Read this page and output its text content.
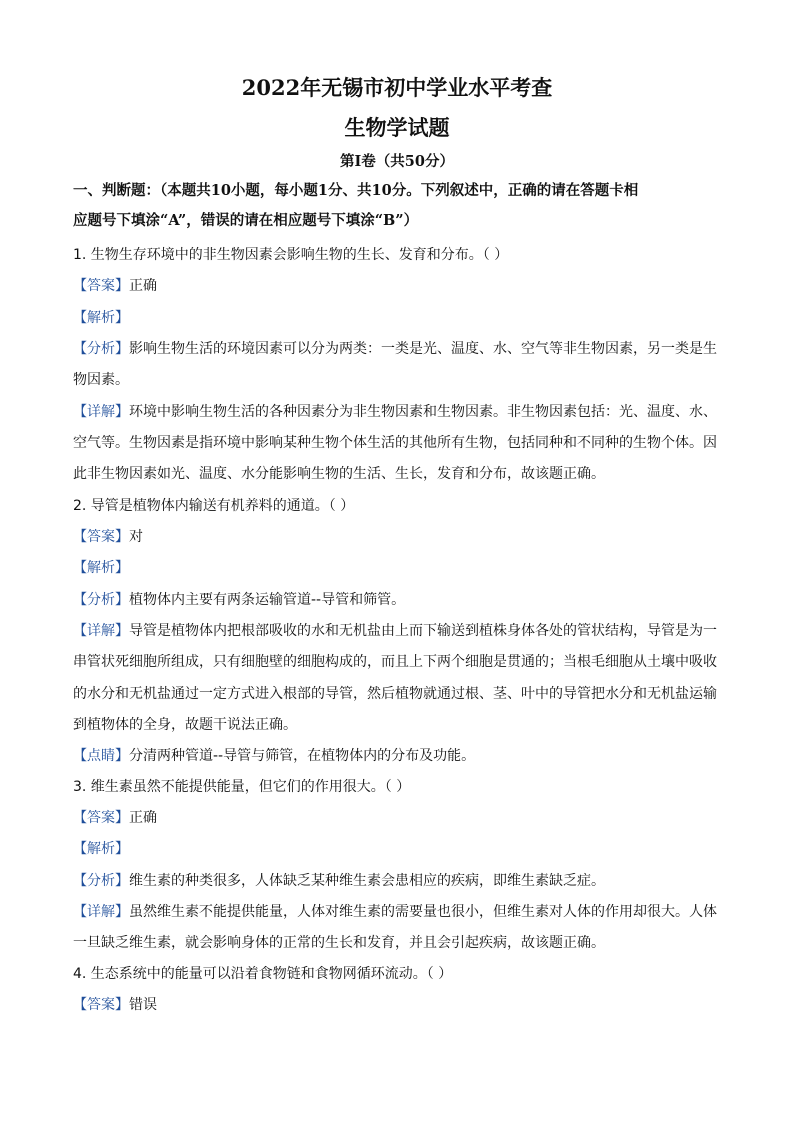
2022年无锡市初中学业水平考查
生物学试题
第Ⅰ卷（共50分）
一、判断题：（本题共10小题，每小题1分、共10分。下列叙述中，正确的请在答题卡相
应题号下填涂“A”，错误的请在相应题号下填涂“B”）
1. 生物生存环境中的非生物因素会影响生物的生长、发育和分布。（ ）
【答案】正确
【解析】
【分析】影响生物生活的环境因素可以分为两类：一类是光、温度、水、空气等非生物因素，另一类是生
物因素。
【详解】环境中影响生物生活的各种因素分为非生物因素和生物因素。非生物因素包括：光、温度、水、
空气等。生物因素是指环境中影响某种生物个体生活的其他所有生物，包括同种和不同种的生物个体。因
此非生物因素如光、温度、水分能影响生物的生活、生长，发育和分布，故该题正确。
2. 导管是植物体内输送有机养料的通道。（ ）
【答案】对
【解析】
【分析】植物体内主要有两条运输管道--导管和筛管。
【详解】导管是植物体内把根部吸收的水和无机盐由上而下输送到植株身体各处的管状结构，导管是为一
串管状死细胞所组成，只有细胞壁的细胞构成的，而且上下两个细胞是贯通的；当根毛细胞从土壤中吸收
的水分和无机盐通过一定方式进入根部的导管，然后植物就通过根、茎、叶中的导管把水分和无机盐运输
到植物体的全身，故题干说法正确。
【点睛】分清两种管道--导管与筛管，在植物体内的分布及功能。
3. 维生素虽然不能提供能量，但它们的作用很大。（ ）
【答案】正确
【解析】
【分析】维生素的种类很多，人体缺乏某种维生素会患相应的疾病，即维生素缺乏症。
【详解】虽然维生素不能提供能量，人体对维生素的需要量也很小，但维生素对人体的作用却很大。人体
一旦缺乏维生素，就会影响身体的正常的生长和发育，并且会引起疾病，故该题正确。
4. 生态系统中的能量可以沿着食物链和食物网循环流动。（ ）
【答案】错误
